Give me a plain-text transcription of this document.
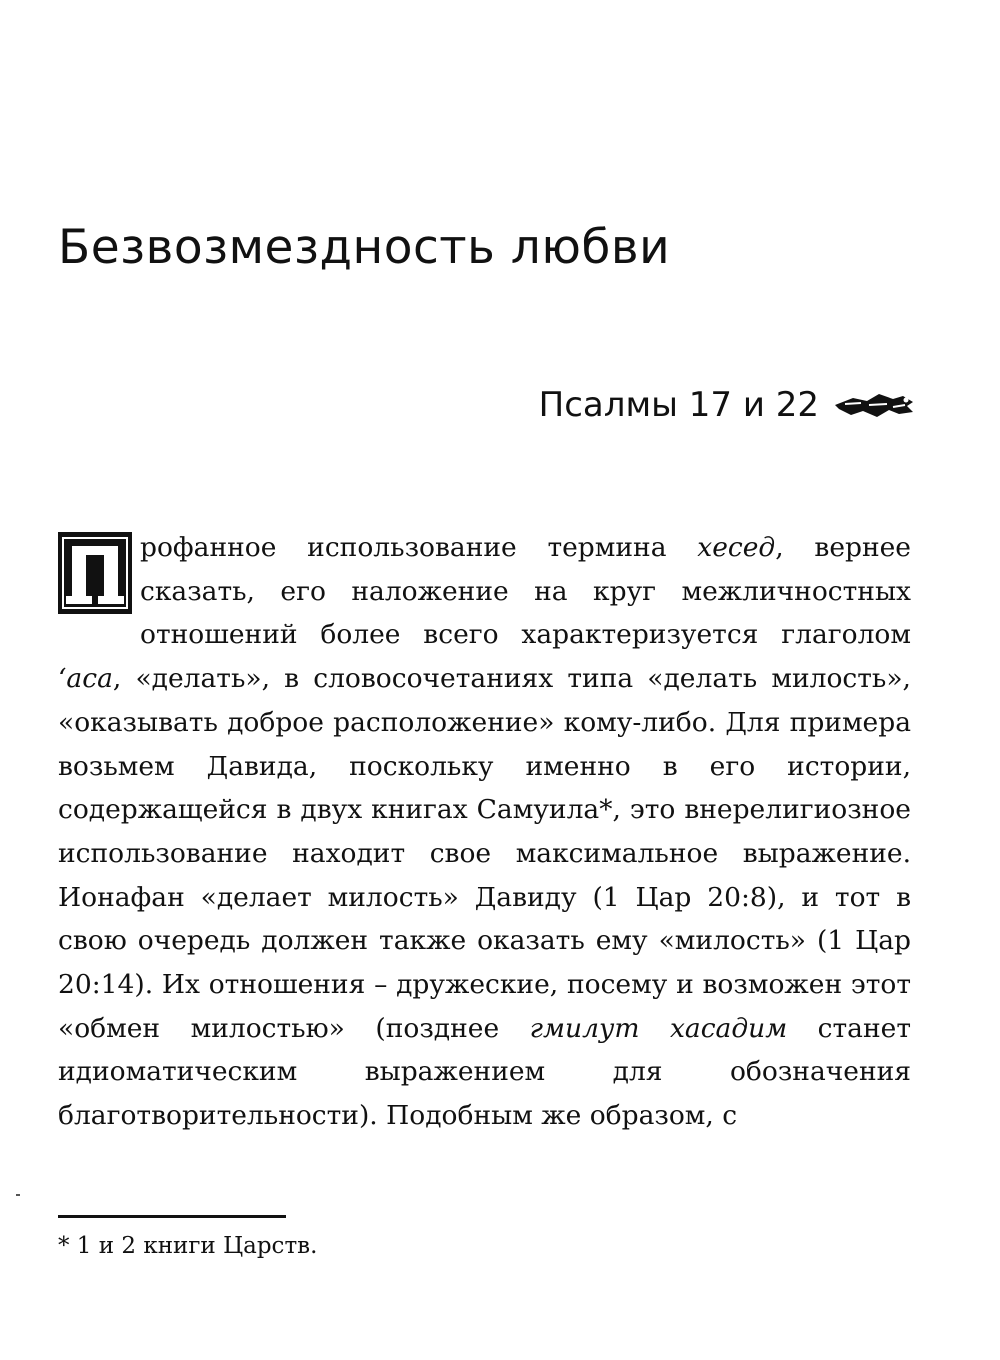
Безвозмездность любви
Псалмы 17 и 22

рофанное использование термина хесед, вернее сказать, его наложение на круг межличностных отношений более всего характеризуется глаголом ʻаса, «делать», в словосочетаниях типа «делать милость», «оказывать доброе расположение» кому-либо. Для примера возьмем Давида, поскольку именно в его истории, содержащейся в двух книгах Самуила*, это внерелигиозное использование находит свое максимальное выражение. Ионафан «делает милость» Давиду (1 Цар 20:8), и тот в свою очередь должен также оказать ему «милость» (1 Цар 20:14). Их отношения – дружеские, посему и возможен этот «обмен милостью» (позднее гмилут хасадим станет идиоматическим выражением для обозначения благотворительности). Подобным же образом, с

* 1 и 2 книги Царств.
